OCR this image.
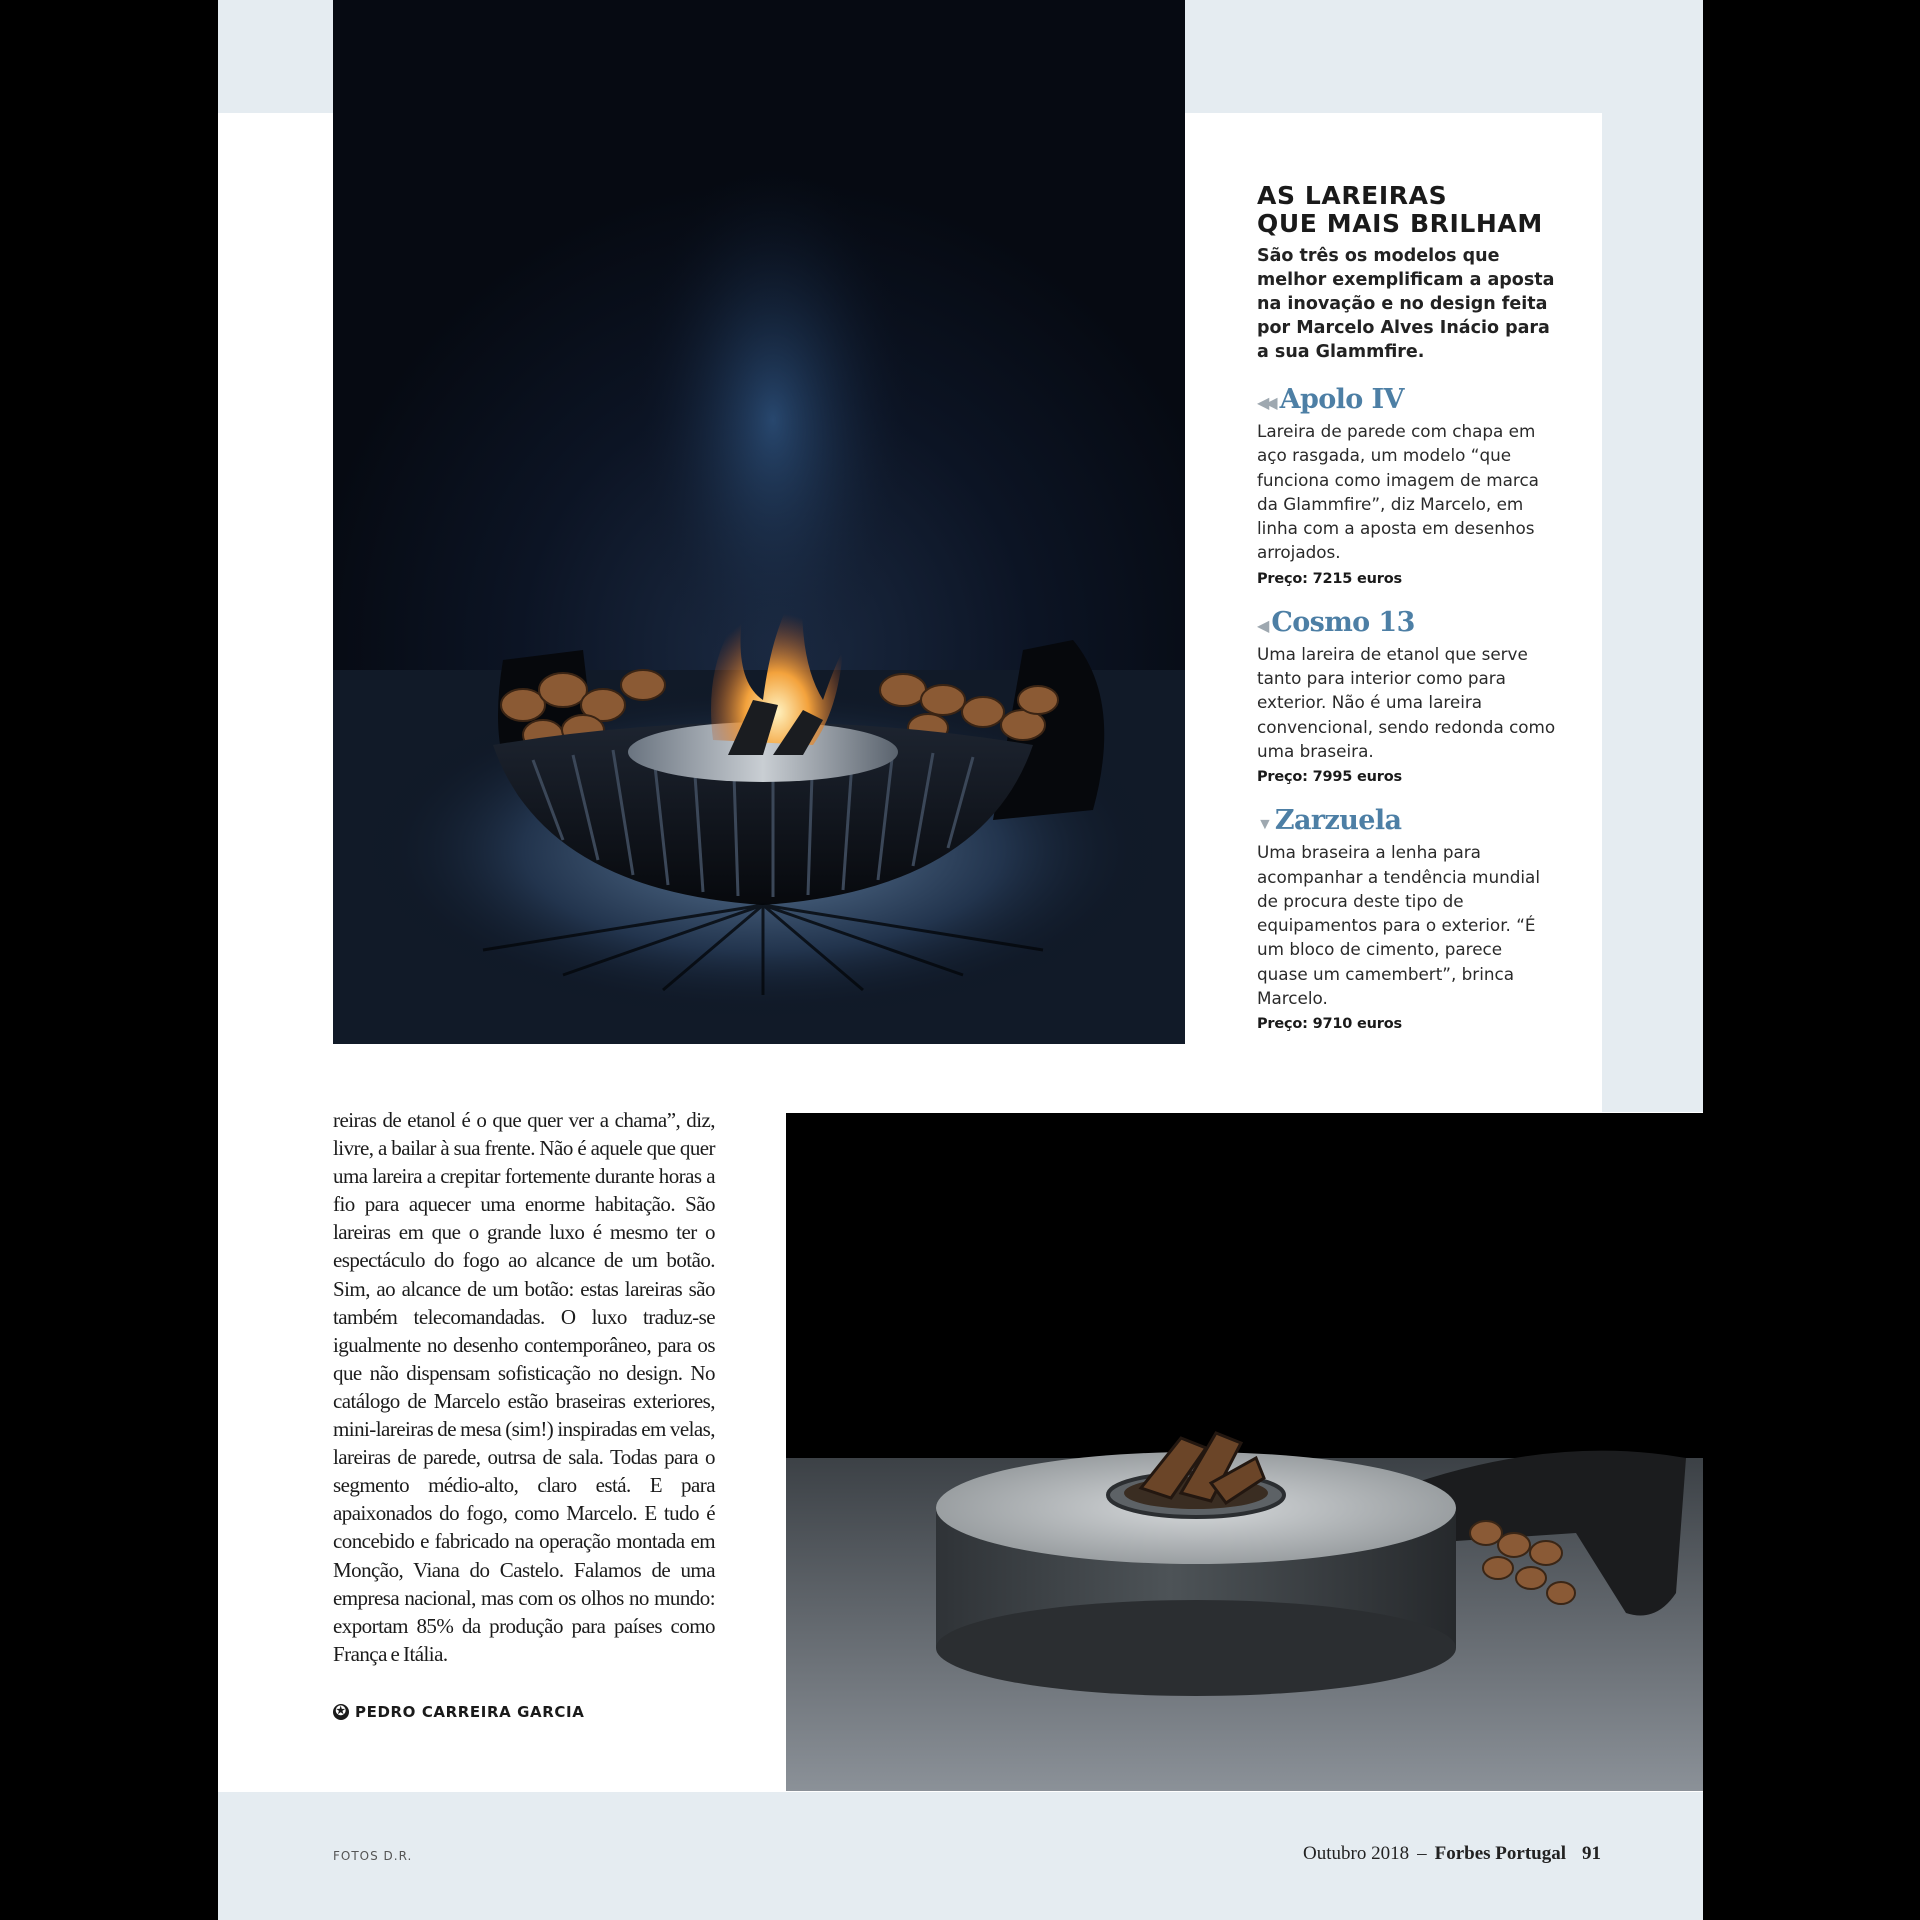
AS LAREIRAS
QUE MAIS BRILHAM
São três os modelos que melhor exemplificam a aposta na inovação e no design feita por Marcelo Alves Inácio para a sua Glammfire.
◀◀ Apolo IV
Lareira de parede com chapa em aço rasgada, um modelo “que funciona como imagem de marca da Glammfire”, diz Marcelo, em linha com a aposta em desenhos arrojados.
Preço: 7215 euros
◀ Cosmo 13
Uma lareira de etanol que serve tanto para interior como para exterior. Não é uma lareira convencional, sendo redonda como uma braseira.
Preço: 7995 euros
▼ Zarzuela
Uma braseira a lenha para acompanhar a tendência mundial de procura deste tipo de equipamentos para o exterior. “É um bloco de cimento, parece quase um camembert”, brinca Marcelo.
Preço: 9710 euros

reiras de etanol é o que quer ver a chama”, diz, livre, a bailar à sua frente. Não é aquele que quer uma lareira a crepitar fortemente durante horas a fio para aquecer uma enorme habitação. São lareiras em que o grande luxo é mesmo ter o espectáculo do fogo ao alcance de um botão. Sim, ao alcance de um botão: estas lareiras são também telecomandadas. O luxo traduz-se igualmente no desenho contemporâneo, para os que não dispensam sofisticação no design. No catálogo de Marcelo estão braseiras exteriores, mini-lareiras de mesa (sim!) inspiradas em velas, lareiras de parede, outrsa de sala. Todas para o segmento médio-alto, claro está. E para apaixonados do fogo, como Marcelo. E tudo é concebido e fabricado na operação montada em Monção, Viana do Castelo. Falamos de uma empresa nacional, mas com os olhos no mundo: exportam 85% da produção para países como França e Itália.

✪ PEDRO CARREIRA GARCIA
FOTOS D.R.	Outubro 2018 – Forbes Portugal 91
